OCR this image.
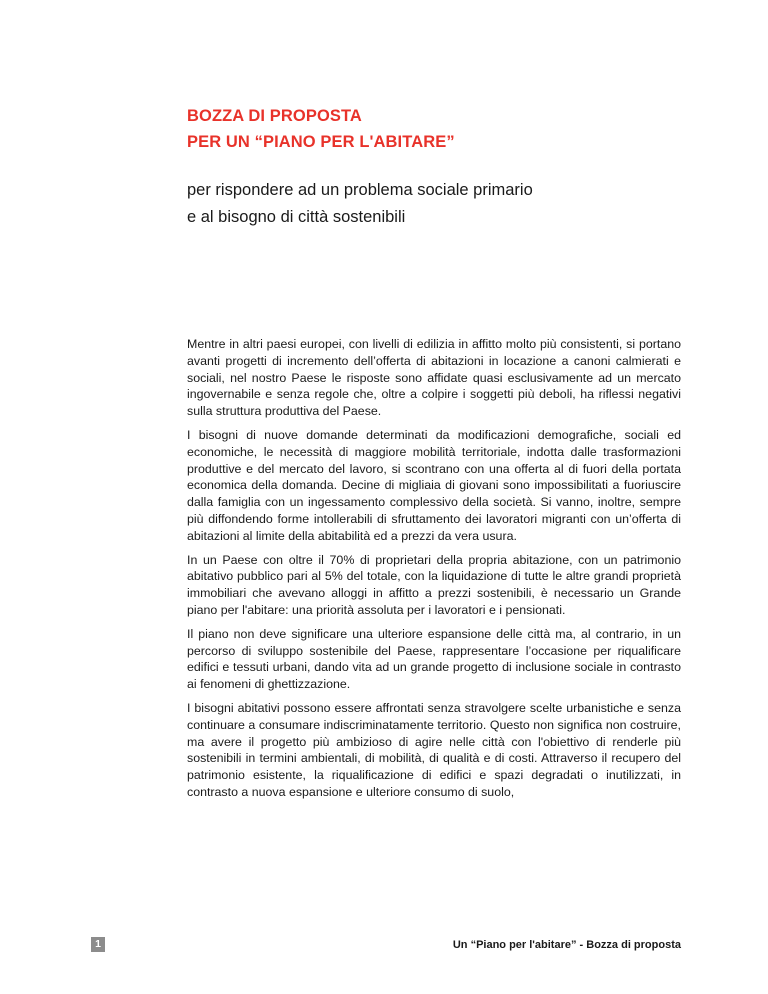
BOZZA DI PROPOSTA
PER UN “PIANO PER L'ABITARE”
per rispondere ad un problema sociale primario
e al bisogno di città sostenibili

Mentre in altri paesi europei, con livelli di edilizia in affitto molto più consistenti, si portano avanti progetti di incremento dell’offerta di abitazioni in locazione a canoni calmierati e sociali, nel nostro Paese le risposte sono affidate quasi esclusivamente ad un mercato ingovernabile e senza regole che, oltre a colpire i soggetti più deboli, ha riflessi negativi sulla struttura produttiva del Paese.

I bisogni di nuove domande determinati da modificazioni demografiche, sociali ed economiche, le necessità di maggiore mobilità territoriale, indotta dalle trasformazioni produttive e del mercato del lavoro, si scontrano con una offerta al di fuori della portata economica della domanda. Decine di migliaia di giovani sono impossibilitati a fuoriuscire dalla famiglia con un ingessamento complessivo della società. Si vanno, inoltre, sempre più diffondendo forme intollerabili di sfruttamento dei lavoratori migranti con un’offerta di abitazioni al limite della abitabilità ed a prezzi da vera usura.

In un Paese con oltre il 70% di proprietari della propria abitazione, con un patrimonio abitativo pubblico pari al 5% del totale, con la liquidazione di tutte le altre grandi proprietà immobiliari che avevano alloggi in affitto a prezzi sostenibili, è necessario un Grande piano per l'abitare: una priorità assoluta per i lavoratori e i pensionati.

Il piano non deve significare una ulteriore espansione delle città ma, al contrario, in un percorso di sviluppo sostenibile del Paese, rappresentare l’occasione per riqualificare edifici e tessuti urbani, dando vita ad un grande progetto di inclusione sociale in contrasto ai fenomeni di ghettizzazione.

I bisogni abitativi possono essere affrontati senza stravolgere scelte urbanistiche e senza continuare a consumare indiscriminatamente territorio. Questo non significa non costruire, ma avere il progetto più ambizioso di agire nelle città con l'obiettivo di renderle più sostenibili in termini ambientali, di mobilità, di qualità e di costi. Attraverso il recupero del patrimonio esistente, la riqualificazione di edifici e spazi degradati o inutilizzati, in contrasto a nuova espansione e ulteriore consumo di suolo,

1	Un “Piano per l'abitare” - Bozza di proposta
